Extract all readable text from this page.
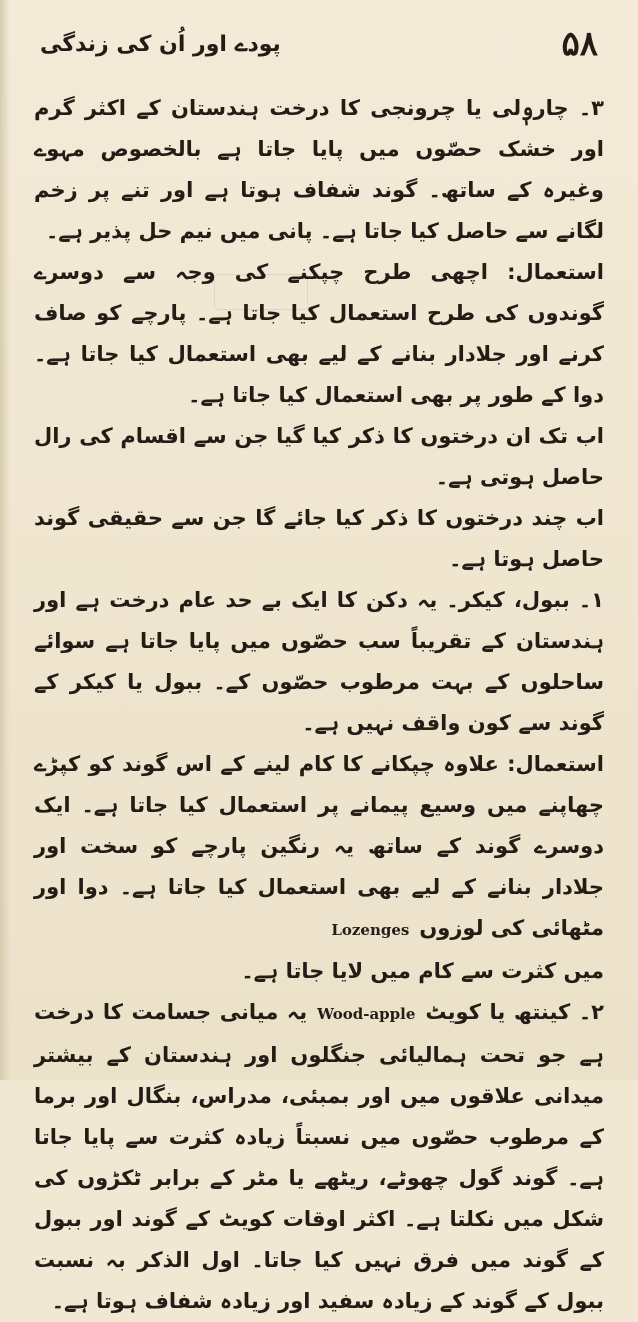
۵۸
پودے اور اُن کی زندگی

۳۔ چاروٖلی یا چرونجی کا درخت ہندستان کے اکثر گرم اور خشک حصّوں میں پایا جاتا ہے بالخصوص مہوے وغیرہ کے ساتھ۔ گوند شفاف ہوتا ہے اور تنے پر زخم لگانے سے حاصل کیا جاتا ہے۔ پانی میں نیم حل پذیر ہے۔

استعمال: اچھی طرح چپکنے کی وجہ سے دوسرے گوندوں کی طرح استعمال کیا جاتا ہے۔ پارچے کو صاف کرنے اور جلادار بنانے کے لیے بھی استعمال کیا جاتا ہے۔ دوا کے طور پر بھی استعمال کیا جاتا ہے۔

اب تک ان درختوں کا ذکر کیا گیا جن سے اقسام کی رال حاصل ہوتی ہے۔

اب چند درختوں کا ذکر کیا جائے گا جن سے حقیقی گوند حاصل ہوتا ہے۔

۱۔ ببول، کیکر۔ یہ دکن کا ایک بے حد عام درخت ہے اور ہندستان کے تقریباً سب حصّوں میں پایا جاتا ہے سوائے ساحلوں کے بہت مرطوب حصّوں کے۔ ببول یا کیکر کے گوند سے کون واقف نہیں ہے۔

استعمال: علاوہ چپکانے کا کام لینے کے اس گوند کو کپڑے چھاپنے میں وسیع پیمانے پر استعمال کیا جاتا ہے۔ ایک دوسرے گوند کے ساتھ یہ رنگین پارچے کو سخت اور جلادار بنانے کے لیے بھی استعمال کیا جاتا ہے۔ دوا اور مٹھائی کی لوزوںLozenges

میں کثرت سے کام میں لایا جاتا ہے۔

۲۔ کینتھ یا کویٹWood-appleیہ میانی جسامت کا درخت ہے جو تحت ہمالیائی جنگلوں اور ہندستان کے بیشتر میدانی علاقوں میں اور بمبئی، مدراس، بنگال اور برما کے مرطوب حصّوں میں نسبتاً زیادہ کثرت سے پایا جاتا ہے۔ گوند گول چھوٹے، ریٹھے یا مٹر کے برابر ٹکڑوں کی شکل میں نکلتا ہے۔ اکثر اوقات کویٹ کے گوند اور ببول کے گوند میں فرق نہیں کیا جاتا۔ اول الذکر بہ نسبت ببول کے گوند کے زیادہ سفید اور زیادہ شفاف ہوتا ہے۔
